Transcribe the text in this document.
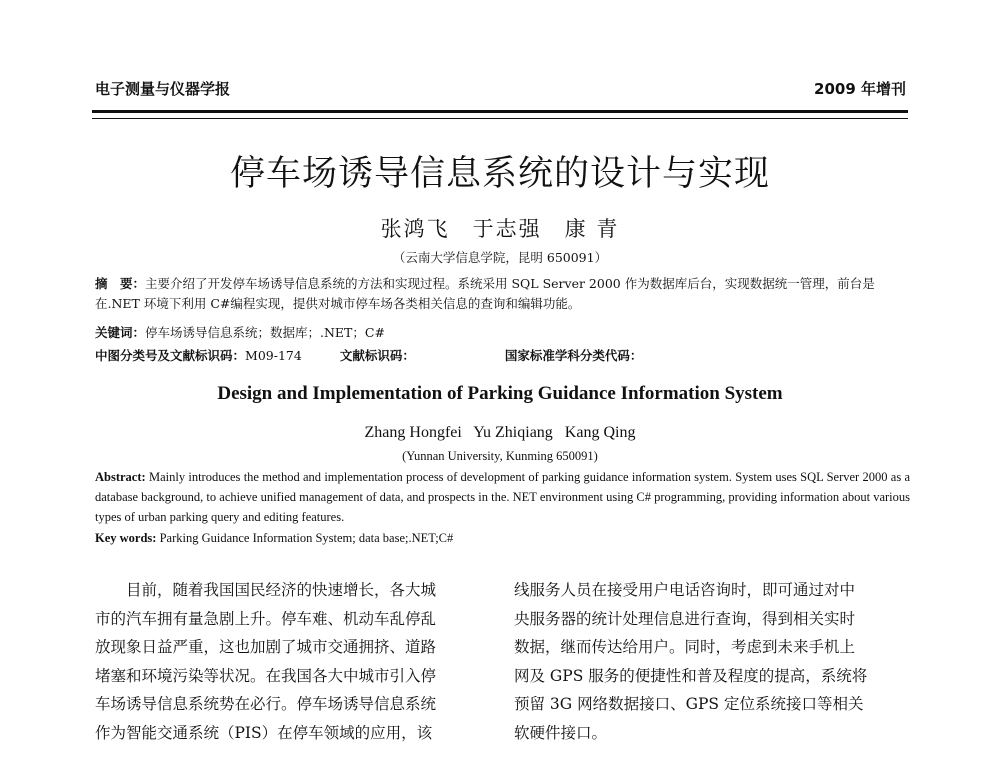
电子测量与仪器学报	2009 年增刊
停车场诱导信息系统的设计与实现
张鸿飞　于志强　康 青
（云南大学信息学院，昆明 650091）
摘　要：主要介绍了开发停车场诱导信息系统的方法和实现过程。系统采用 SQL Server 2000 作为数据库后台，实现数据统一管理，前台是在.NET 环境下利用 C#编程实现，提供对城市停车场各类相关信息的查询和编辑功能。
关键词：停车场诱导信息系统；数据库；.NET；C#
中图分类号及文献标识码：M09-174	文献标识码：	国家标准学科分类代码：
Design and Implementation of Parking Guidance Information System
Zhang Hongfei   Yu Zhiqiang   Kang Qing
(Yunnan University, Kunming 650091)
Abstract: Mainly introduces the method and implementation process of development of parking guidance information system. System uses SQL Server 2000 as a database background, to achieve unified management of data, and prospects in the. NET environment using C# programming, providing information about various types of urban parking query and editing features.
Key words: Parking Guidance Information System; data base;.NET;C#
　　目前，随着我国国民经济的快速增长，各大城
市的汽车拥有量急剧上升。停车难、机动车乱停乱
放现象日益严重，这也加剧了城市交通拥挤、道路
堵塞和环境污染等状况。在我国各大中城市引入停
车场诱导信息系统势在必行。停车场诱导信息系统
作为智能交通系统（PIS）在停车领域的应用，该
线服务人员在接受用户电话咨询时，即可通过对中
央服务器的统计处理信息进行查询，得到相关实时
数据，继而传达给用户。同时，考虑到未来手机上
网及 GPS 服务的便捷性和普及程度的提高，系统将
预留 3G 网络数据接口、GPS 定位系统接口等相关
软硬件接口。
